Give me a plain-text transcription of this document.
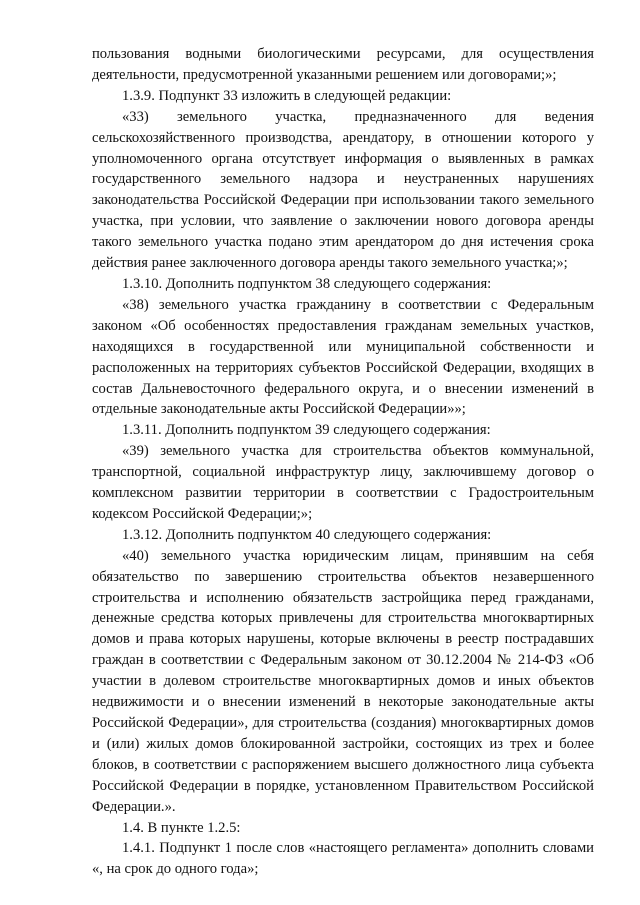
пользования водными биологическими ресурсами, для осуществления деятельности, предусмотренной указанными решением или договорами;»;

1.3.9. Подпункт 33 изложить в следующей редакции:

«33) земельного участка, предназначенного для ведения сельскохозяйственного производства, арендатору, в отношении которого у уполномоченного органа отсутствует информация о выявленных в рамках государственного земельного надзора и неустраненных нарушениях законодательства Российской Федерации при использовании такого земельного участка, при условии, что заявление о заключении нового договора аренды такого земельного участка подано этим арендатором до дня истечения срока действия ранее заключенного договора аренды такого земельного участка;»;

1.3.10. Дополнить подпунктом 38 следующего содержания:

«38) земельного участка гражданину в соответствии с Федеральным законом «Об особенностях предоставления гражданам земельных участков, находящихся в государственной или муниципальной собственности и расположенных на территориях субъектов Российской Федерации, входящих в состав Дальневосточного федерального округа, и о внесении изменений в отдельные законодательные акты Российской Федерации»»;

1.3.11. Дополнить подпунктом 39 следующего содержания:

«39) земельного участка для строительства объектов коммунальной, транспортной, социальной инфраструктур лицу, заключившему договор о комплексном развитии территории в соответствии с Градостроительным кодексом Российской Федерации;»;

1.3.12. Дополнить подпунктом 40 следующего содержания:

«40) земельного участка юридическим лицам, принявшим на себя обязательство по завершению строительства объектов незавершенного строительства и исполнению обязательств застройщика перед гражданами, денежные средства которых привлечены для строительства многоквартирных домов и права которых нарушены, которые включены в реестр пострадавших граждан в соответствии с Федеральным законом от 30.12.2004 № 214-ФЗ «Об участии в долевом строительстве многоквартирных домов и иных объектов недвижимости и о внесении изменений в некоторые законодательные акты Российской Федерации», для строительства (создания) многоквартирных домов и (или) жилых домов блокированной застройки, состоящих из трех и более блоков, в соответствии с распоряжением высшего должностного лица субъекта Российской Федерации в порядке, установленном Правительством Российской Федерации.».

1.4. В пункте 1.2.5:

1.4.1. Подпункт 1 после слов «настоящего регламента» дополнить словами «, на срок до одного года»;
